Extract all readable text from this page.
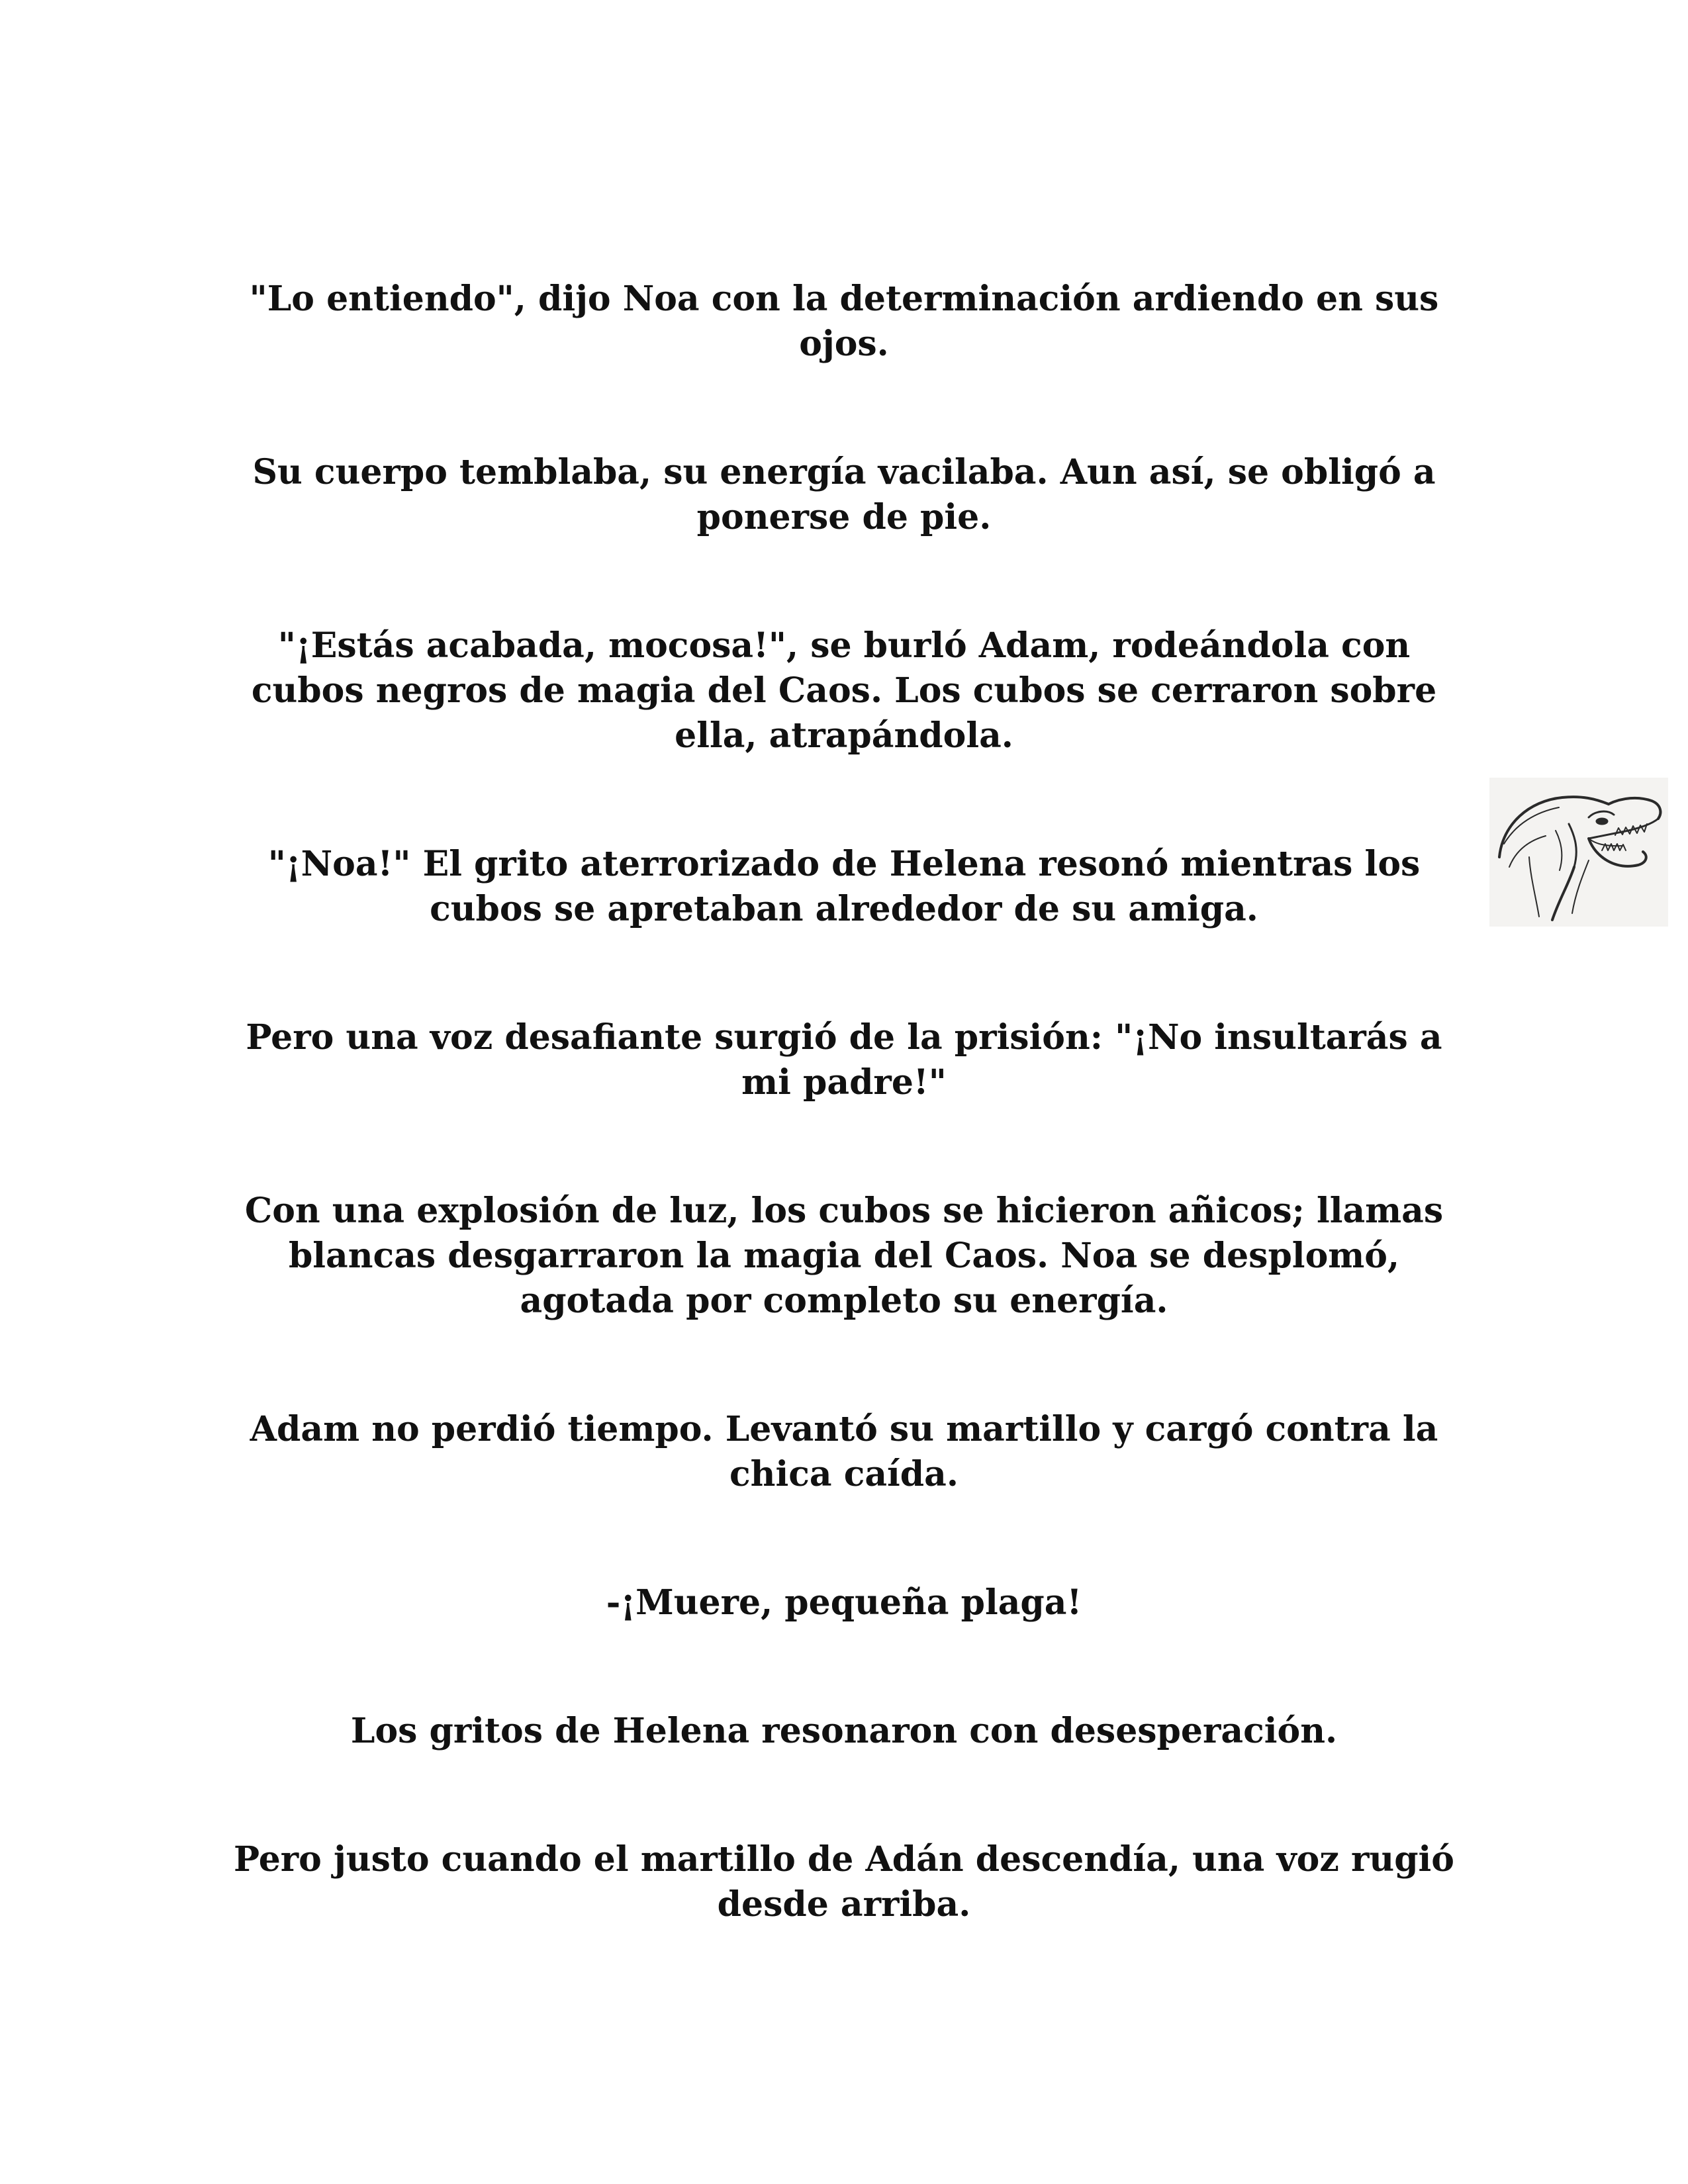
"Lo entiendo", dijo Noa con la determinación ardiendo en sus ojos.

Su cuerpo temblaba, su energía vacilaba. Aun así, se obligó a ponerse de pie.

"¡Estás acabada, mocosa!", se burló Adam, rodeándola con cubos negros de magia del Caos. Los cubos se cerraron sobre ella, atrapándola.

"¡Noa!" El grito aterrorizado de Helena resonó mientras los cubos se apretaban alrededor de su amiga.

Pero una voz desafiante surgió de la prisión: "¡No insultarás a mi padre!"

Con una explosión de luz, los cubos se hicieron añicos; llamas blancas desgarraron la magia del Caos. Noa se desplomó, agotada por completo su energía.

Adam no perdió tiempo. Levantó su martillo y cargó contra la chica caída.

-¡Muere, pequeña plaga!

Los gritos de Helena resonaron con desesperación.

Pero justo cuando el martillo de Adán descendía, una voz rugió desde arriba.
